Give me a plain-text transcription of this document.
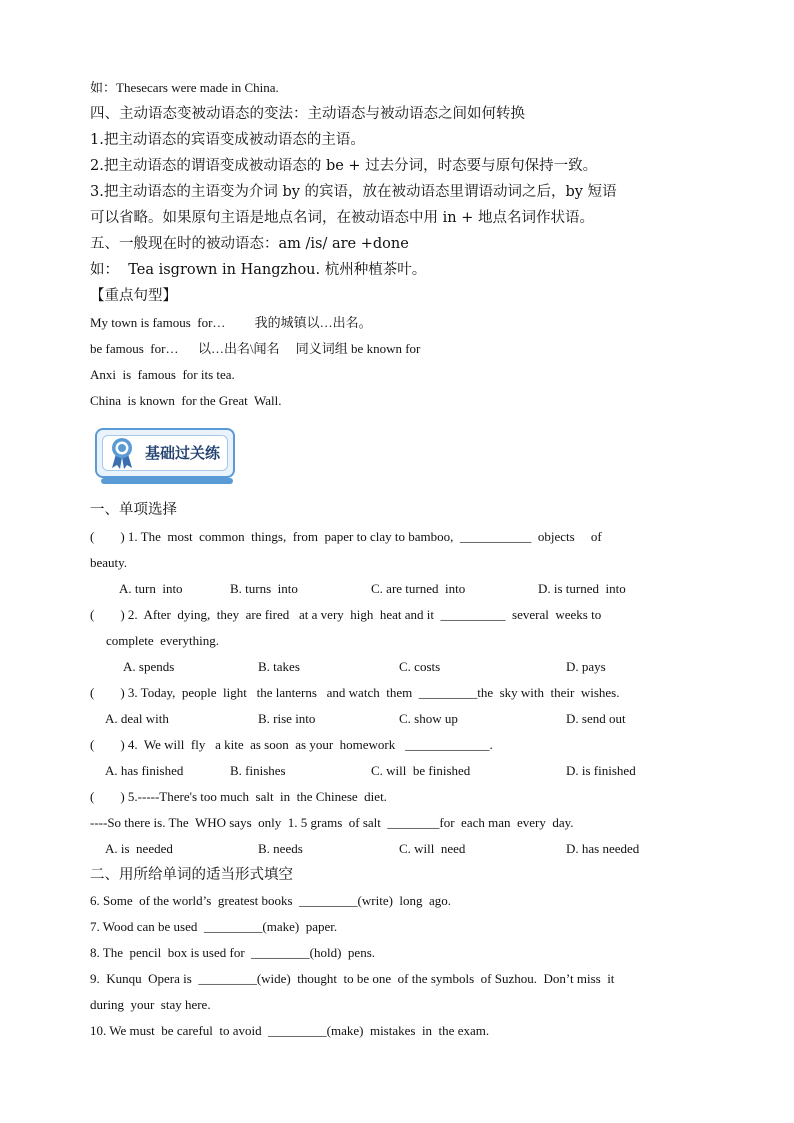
如：Thesecars were made in China.
四、主动语态变被动语态的变法：主动语态与被动语态之间如何转换
1.把主动语态的宾语变成被动语态的主语。
2.把主动语态的谓语变成被动语态的 be + 过去分词，时态要与原句保持一致。
3.把主动语态的主语变为介词 by 的宾语，放在被动语态里谓语动词之后，by 短语
可以省略。如果原句主语是地点名词，在被动语态中用 in + 地点名词作状语。
五、一般现在时的被动语态：am /is/ are +done
如：  Tea isgrown in Hangzhou. 杭州种植茶叶。
【重点句型】
My town is famous  for…         我的城镇以…出名。
be famous  for…      以…出名\闻名     同义词组 be known for
Anxi  is  famous  for its tea.
China  is known  for the Great  Wall.
基础过关练
一、单项选择
(        ) 1. The  most  common  things,  from  paper to clay to bamboo,  ___________  objects     of
beauty.
A. turn  into	B. turns  into	C. are turned  into	D. is turned  into
(        ) 2.  After  dying,  they  are fired   at a very  high  heat and it  __________  several  weeks to
complete  everything.
A. spends	B. takes	C. costs	D. pays
(        ) 3. Today,  people  light   the lanterns   and watch  them  _________the  sky with  their  wishes.
A. deal with	B. rise into	C. show up	D. send out
(        ) 4.  We will  fly   a kite  as soon  as your  homework   _____________.
A. has finished	B. finishes	C. will  be finished	D. is finished
(        ) 5.-----There's too much  salt  in  the Chinese  diet.
----So there is. The  WHO says  only  1. 5 grams  of salt  ________for  each man  every  day.
A. is  needed	B. needs	C. will  need	D. has needed
二、用所给单词的适当形式填空
6. Some  of the world’s  greatest books  _________(write)  long  ago.
7. Wood can be used  _________(make)  paper.
8. The  pencil  box is used for  _________(hold)  pens.
9.  Kunqu  Opera is  _________(wide)  thought  to be one  of the symbols  of Suzhou.  Don’t miss  it
during  your  stay here.
10. We must  be careful  to avoid  _________(make)  mistakes  in  the exam.
